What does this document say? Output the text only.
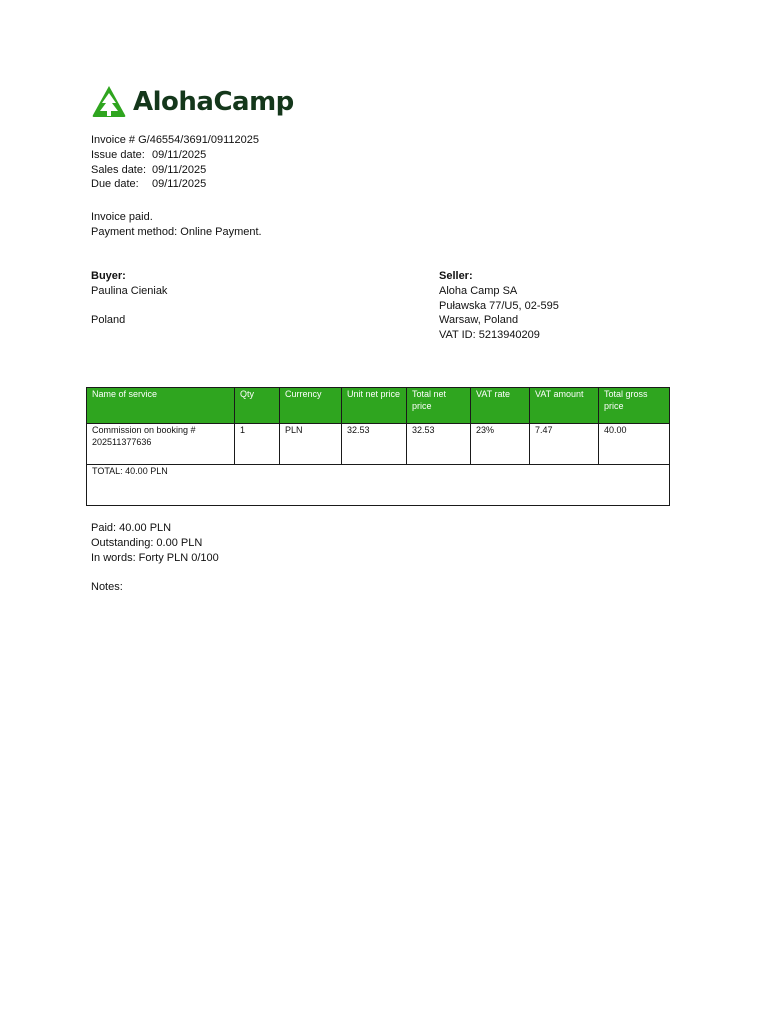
AlohaCamp
Invoice # G/46554/3691/09112025
Issue date: 09/11/2025
Sales date: 09/11/2025
Due date: 09/11/2025
Invoice paid.
Payment method: Online Payment.
Buyer:
Paulina Cieniak
Poland
Seller:
Aloha Camp SA
Puławska 77/U5, 02-595
Warsaw, Poland
VAT ID: 5213940209
Name of service	Qty	Currency	Unit net price	Total net price	VAT rate	VAT amount	Total gross price
Commission on booking # 202511377636	1	PLN	32.53	32.53	23%	7.47	40.00
TOTAL: 40.00 PLN							
Paid: 40.00 PLN
Outstanding: 0.00 PLN
In words: Forty PLN 0/100
Notes:
